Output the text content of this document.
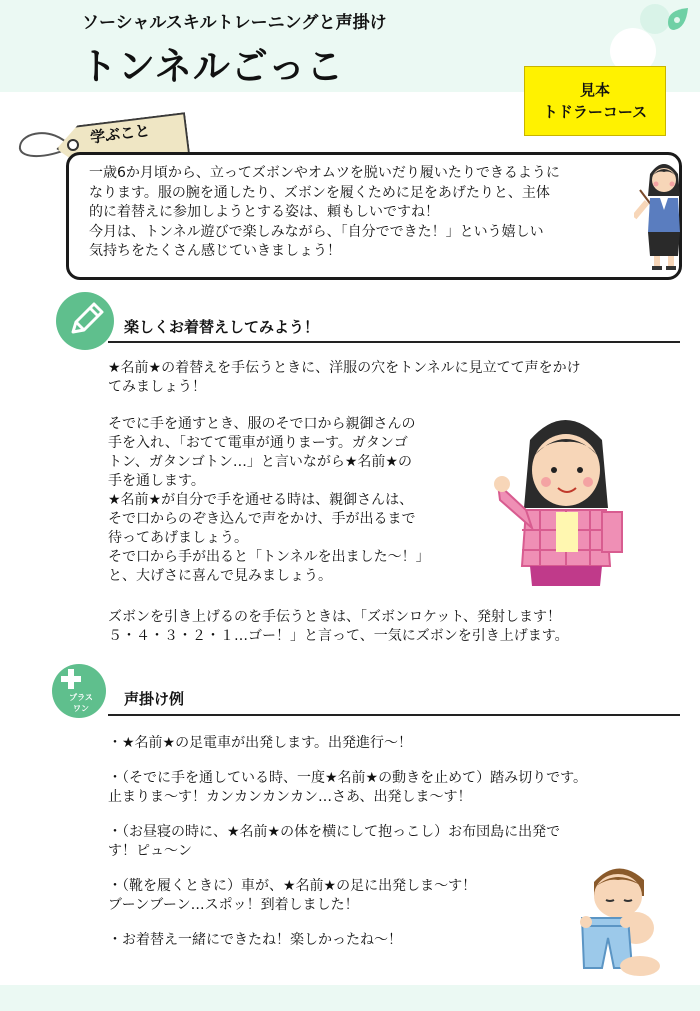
ソーシャルスキルトレーニングと声掛け
トンネルごっこ
見本
トドラーコース
学ぶこと

一歳6か月頃から、立ってズボンやオムツを脱いだり履いたりできるように

なります。服の腕を通したり、ズボンを履くために足をあげたりと、主体

的に着替えに参加しようとする姿は、頼もしいですね！

今月は、トンネル遊びで楽しみながら、「自分でできた！」という嬉しい

気持ちをたくさん感じていきましょう！

楽しくお着替えしてみよう！

★名前★の着替えを手伝うときに、洋服の穴をトンネルに見立てて声をかけ

てみましょう！

そでに手を通すとき、服のそで口から親御さんの

手を入れ、「おてて電車が通りまーす。ガタンゴ

トン、ガタンゴトン…」と言いながら★名前★の

手を通します。

★名前★が自分で手を通せる時は、親御さんは、

そで口からのぞき込んで声をかけ、手が出るまで

待ってあげましょう。

そで口から手が出ると「トンネルを出ました〜！」

と、大げさに喜んで見みましょう。

ズボンを引き上げるのを手伝うときは、「ズボンロケット、発射します！

５・４・３・２・１…ゴー！」と言って、一気にズボンを引き上げます。

プラス
ワン
声掛け例
・★名前★の足電車が出発します。出発進行〜！
・（そでに手を通している時、一度★名前★の動きを止めて）踏み切りです。
止まりま〜す！カンカンカンカン…さあ、出発しま〜す！
・（お昼寝の時に、★名前★の体を横にして抱っこし）お布団島に出発で
す！ピュ〜ン
・（靴を履くときに）車が、★名前★の足に出発しま〜す！
ブーンブーン…スポッ！到着しました！
・お着替え一緒にできたね！楽しかったね〜！
